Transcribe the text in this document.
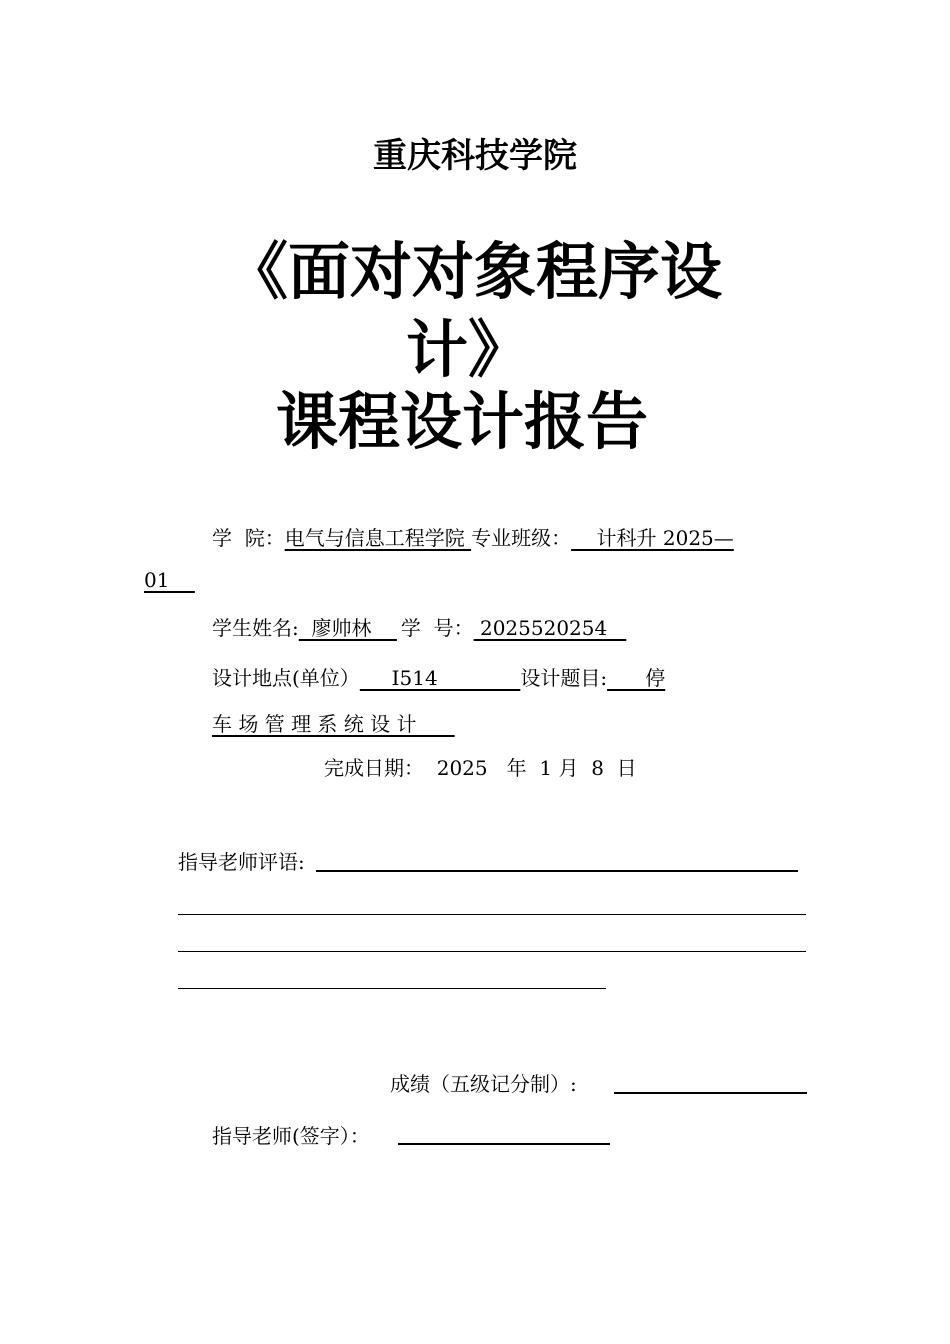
重庆科技学院
《面对对象程序设
计》
课程设计报告
学  院：电气与信息工程学院 专业班级：    计科升 2025—
01
学生姓名:  廖帅林    学  号： 2025520254
设计地点(单位）     I514             设计题目:      停
车 场 管 理 系 统 设 计
完成日期：  2025   年  1 月  8  日
指导老师评语:
成绩（五级记分制）:
指导老师(签字）：
